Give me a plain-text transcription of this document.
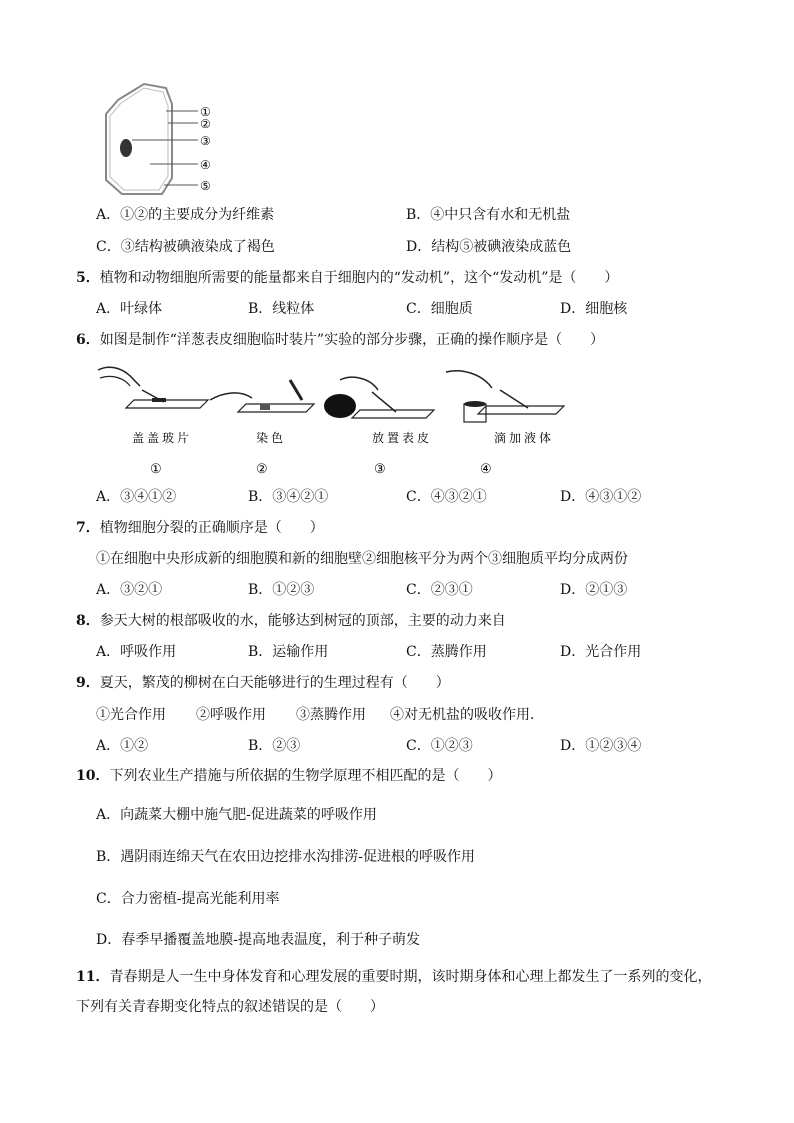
①
②
③
④
⑤
A．①②的主要成分为纤维素	B．④中只含有水和无机盐
C．③结构被碘液染成了褐色	D．结构⑤被碘液染成蓝色
5．植物和动物细胞所需要的能量都来自于细胞内的“发动机”，这个“发动机”是（　　）
A．叶绿体	B．线粒体	C．细胞质	D．细胞核
6．如图是制作“洋葱表皮细胞临时装片”实验的部分步骤，正确的操作顺序是（　　）
盖盖玻片	染色	放置表皮	滴加液体
①	②	③	④
A．③④①②	B．③④②①	C．④③②①	D．④③①②
7．植物细胞分裂的正确顺序是（　　）
①在细胞中央形成新的细胞膜和新的细胞壁②细胞核平分为两个③细胞质平均分成两份
A．③②①	B．①②③	C．②③①	D．②①③
8．参天大树的根部吸收的水，能够达到树冠的顶部，主要的动力来自
A．呼吸作用	B．运输作用	C．蒸腾作用	D．光合作用
9．夏天，繁茂的柳树在白天能够进行的生理过程有（　　）
①光合作用 ②呼吸作用 ③蒸腾作用 ④对无机盐的吸收作用．
A．①②	B．②③	C．①②③	D．①②③④
10．下列农业生产措施与所依据的生物学原理不相匹配的是（　　）
A．向蔬菜大棚中施气肥-促进蔬菜的呼吸作用
B．遇阴雨连绵天气在农田边挖排水沟排涝-促进根的呼吸作用
C．合力密植-提高光能利用率
D．春季早播覆盖地膜-提高地表温度，利于种子萌发
11．青春期是人一生中身体发育和心理发展的重要时期，该时期身体和心理上都发生了一系列的变化，
下列有关青春期变化特点的叙述错误的是（　　）
